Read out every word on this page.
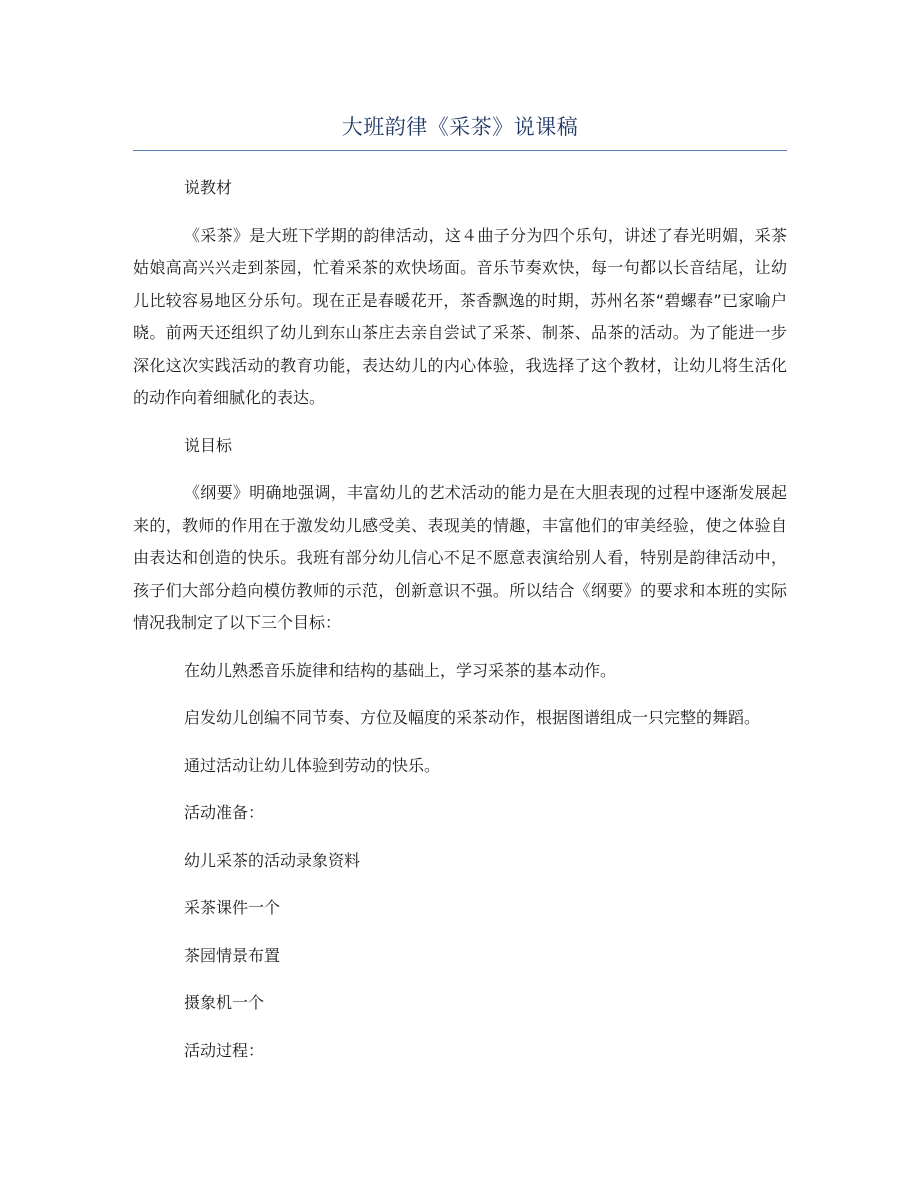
大班韵律《采茶》说课稿

说教材

《采茶》是大班下学期的韵律活动，这４曲子分为四个乐句，讲述了春光明媚，采茶姑娘高高兴兴走到茶园，忙着采茶的欢快场面。音乐节奏欢快，每一句都以长音结尾，让幼儿比较容易地区分乐句。现在正是春暖花开，茶香飘逸的时期，苏州名茶“碧螺春”已家喻户晓。前两天还组织了幼儿到东山茶庄去亲自尝试了采茶、制茶、品茶的活动。为了能进一步深化这次实践活动的教育功能，表达幼儿的内心体验，我选择了这个教材，让幼儿将生活化的动作向着细腻化的表达。

说目标

《纲要》明确地强调，丰富幼儿的艺术活动的能力是在大胆表现的过程中逐渐发展起来的，教师的作用在于激发幼儿感受美、表现美的情趣，丰富他们的审美经验，使之体验自由表达和创造的快乐。我班有部分幼儿信心不足不愿意表演给别人看，特别是韵律活动中，孩子们大部分趋向模仿教师的示范，创新意识不强。所以结合《纲要》的要求和本班的实际情况我制定了以下三个目标：

在幼儿熟悉音乐旋律和结构的基础上，学习采茶的基本动作。

启发幼儿创编不同节奏、方位及幅度的采茶动作，根据图谱组成一只完整的舞蹈。

通过活动让幼儿体验到劳动的快乐。

活动准备：

幼儿采茶的活动录象资料

采茶课件一个

茶园情景布置

摄象机一个

活动过程：
